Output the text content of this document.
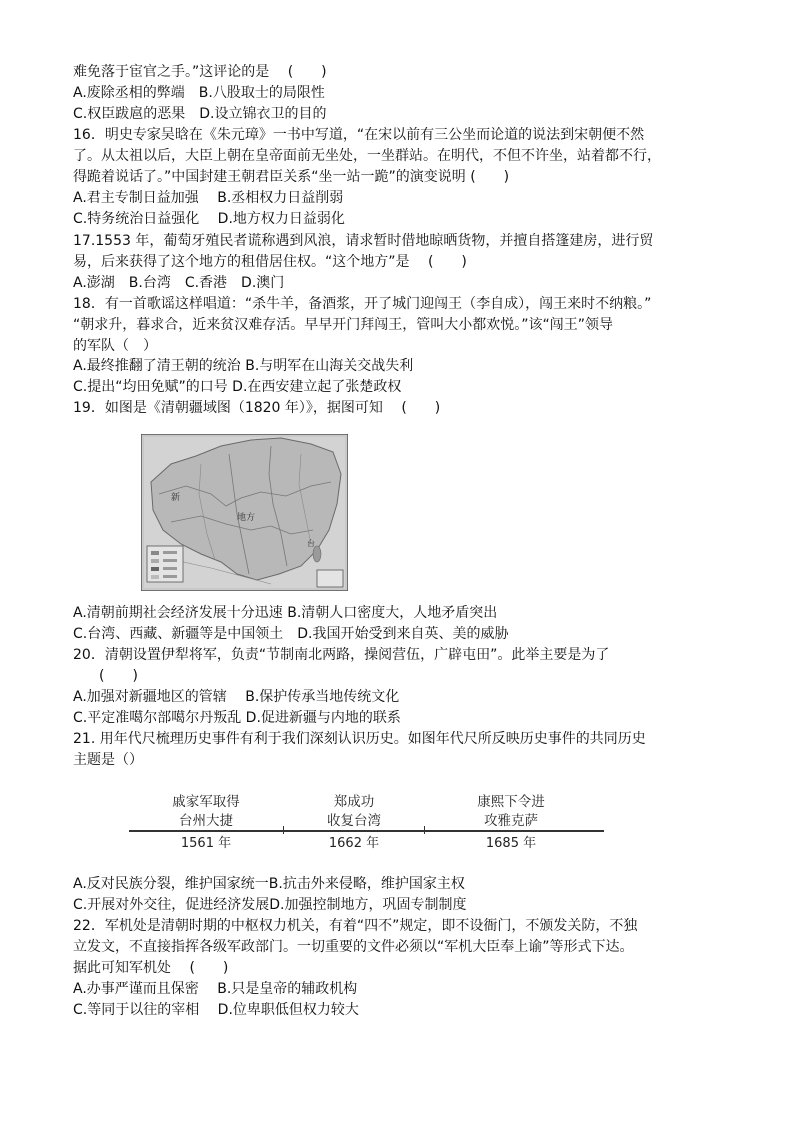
难免落于宦官之手。”这评论的是　 (　　)
A.废除丞相的弊端　B.八股取士的局限性
C.权臣跋扈的恶果　D.设立锦衣卫的目的
16．明史专家吴晗在《朱元璋》一书中写道，“在宋以前有三公坐而论道的说法到宋朝便不然
了。从太祖以后，大臣上朝在皇帝面前无坐处，一坐群站。在明代，不但不许坐，站着都不行，
得跪着说话了。”中国封建王朝君臣关系“坐一站一跪”的演变说明 (　　)
A.君主专制日益加强　 B.丞相权力日益削弱
C.特务统治日益强化　 D.地方权力日益弱化
17.1553 年，葡萄牙殖民者谎称遇到风浪，请求暂时借地晾晒货物，并擅自搭篷建房，进行贸
易，后来获得了这个地方的租借居住权。“这个地方”是　 (　　)
A.澎湖　B.台湾　C.香港　D.澳门
18．有一首歌谣这样唱道：“杀牛羊，备酒浆，开了城门迎闯王（李自成），闯王来时不纳粮。”
“朝求升，暮求合，近来贫汉难存活。早早开门拜闯王，管叫大小都欢悦。”该“闯王”领导
的军队（　）
A.最终推翻了清王朝的统治 B.与明军在山海关交战失利
C.提出“均田免赋”的口号 D.在西安建立起了张楚政权
19．如图是《清朝疆域图（1820 年）》，据图可知　 (　　)
新
地方
台
A.清朝前期社会经济发展十分迅速 B.清朝人口密度大，人地矛盾突出
C.台湾、西藏、新疆等是中国领土　D.我国开始受到来自英、美的威胁
20．清朝设置伊犁将军，负责“节制南北两路，操阅营伍，广辟屯田”。此举主要是为了
(　　)
A.加强对新疆地区的管辖　 B.保护传承当地传统文化
C.平定准噶尔部噶尔丹叛乱 D.促进新疆与内地的联系
21. 用年代尺梳理历史事件有利于我们深刻认识历史。如图年代尺所反映历史事件的共同历史
主题是（）
戚家军取得
台州大捷
郑成功
收复台湾
康熙下令进
攻雅克萨
1561 年	1662 年	1685 年
A.反对民族分裂，维护国家统一B.抗击外来侵略，维护国家主权
C.开展对外交往，促进经济发展D.加强控制地方，巩固专制制度
22．军机处是清朝时期的中枢权力机关，有着“四不”规定，即不设衙门，不颁发关防，不独
立发文，不直接指挥各级军政部门。一切重要的文件必须以“军机大臣奉上谕”等形式下达。
据此可知军机处　 (　　)
A.办事严谨而且保密　 B.只是皇帝的辅政机构
C.等同于以往的宰相　 D.位卑职低但权力较大
